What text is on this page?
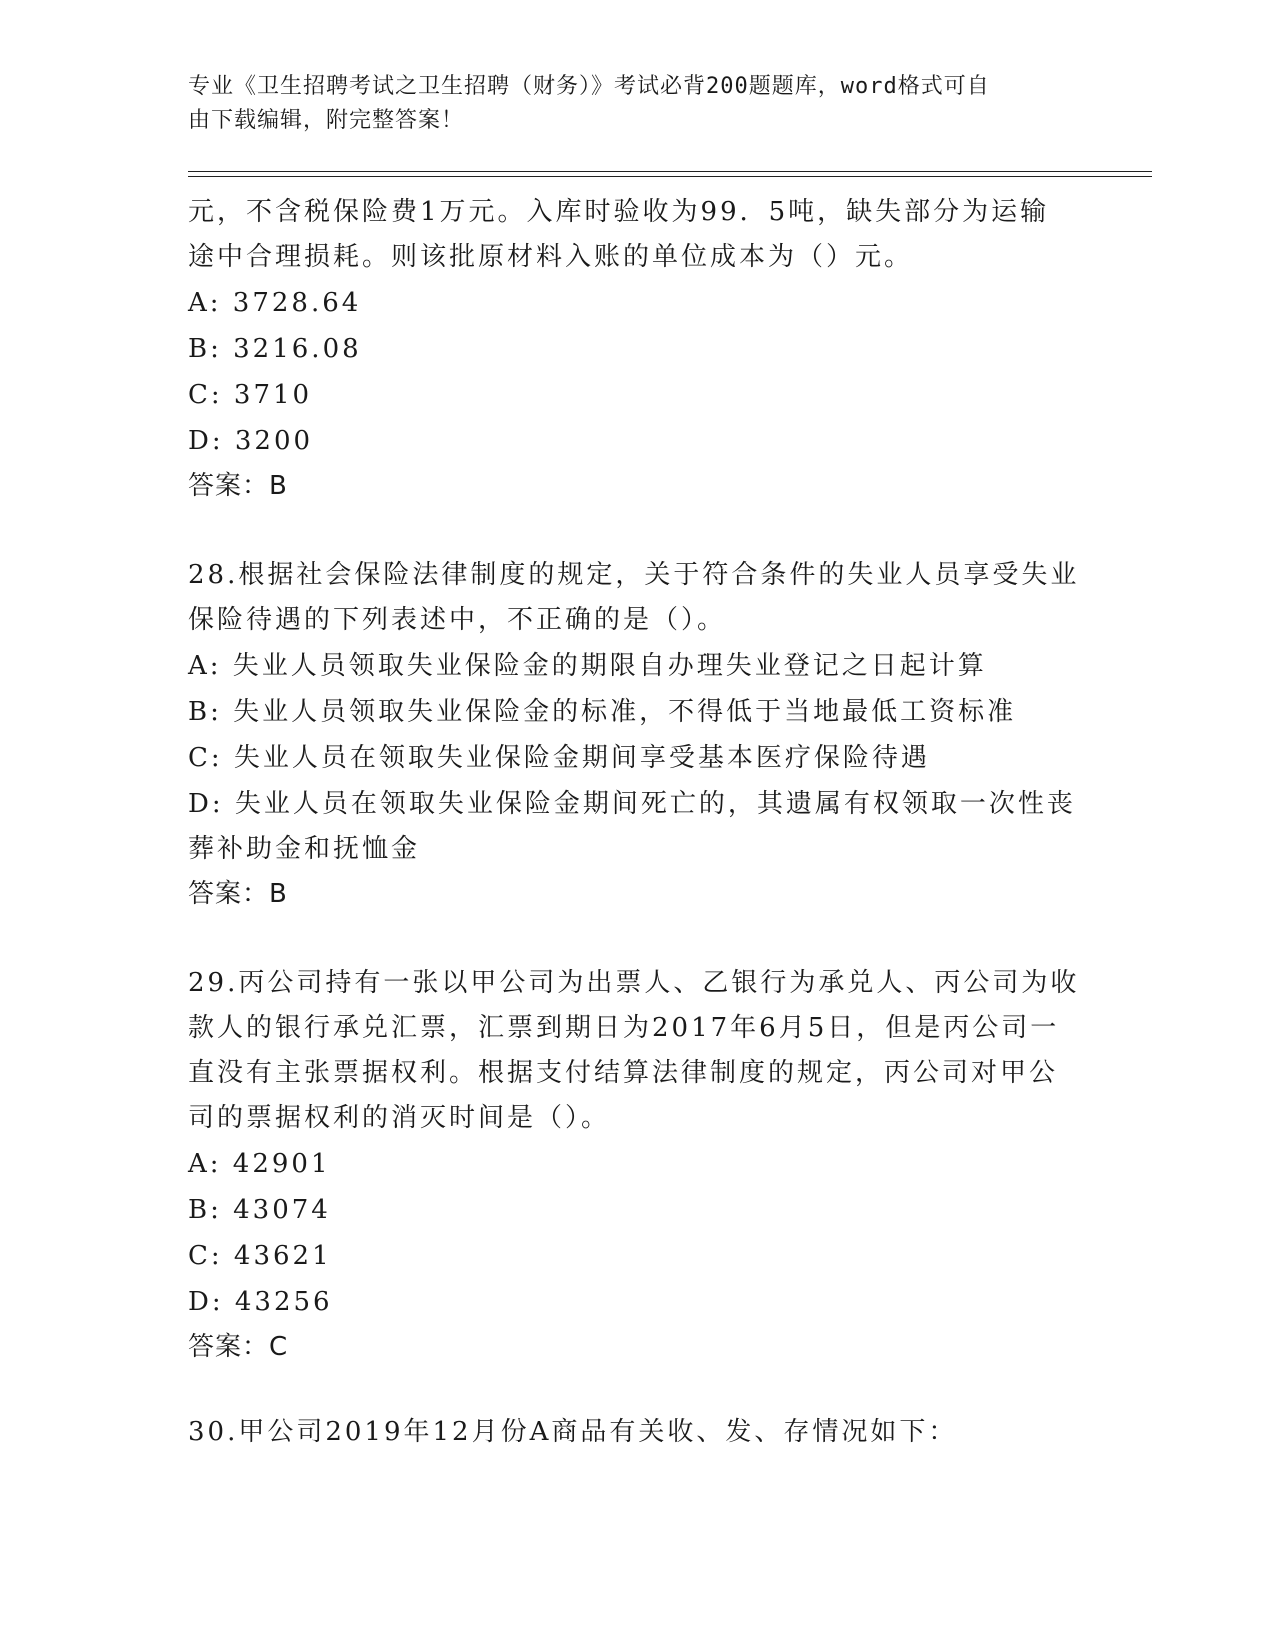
专业《卫生招聘考试之卫生招聘（财务）》考试必背200题题库，word格式可自
由下载编辑，附完整答案！
元，不含税保险费1万元。入库时验收为99．5吨，缺失部分为运输
途中合理损耗。则该批原材料入账的单位成本为（）元。
A: 3728.64
B: 3216.08
C: 3710
D: 3200
答案：B
28.根据社会保险法律制度的规定，关于符合条件的失业人员享受失业
保险待遇的下列表述中，不正确的是（）。
A: 失业人员领取失业保险金的期限自办理失业登记之日起计算
B: 失业人员领取失业保险金的标准，不得低于当地最低工资标准
C: 失业人员在领取失业保险金期间享受基本医疗保险待遇
D: 失业人员在领取失业保险金期间死亡的，其遗属有权领取一次性丧
葬补助金和抚恤金
答案：B
29.丙公司持有一张以甲公司为出票人、乙银行为承兑人、丙公司为收
款人的银行承兑汇票，汇票到期日为2017年6月5日，但是丙公司一
直没有主张票据权利。根据支付结算法律制度的规定，丙公司对甲公
司的票据权利的消灭时间是（）。
A: 42901
B: 43074
C: 43621
D: 43256
答案：C
30.甲公司2019年12月份A商品有关收、发、存情况如下：
